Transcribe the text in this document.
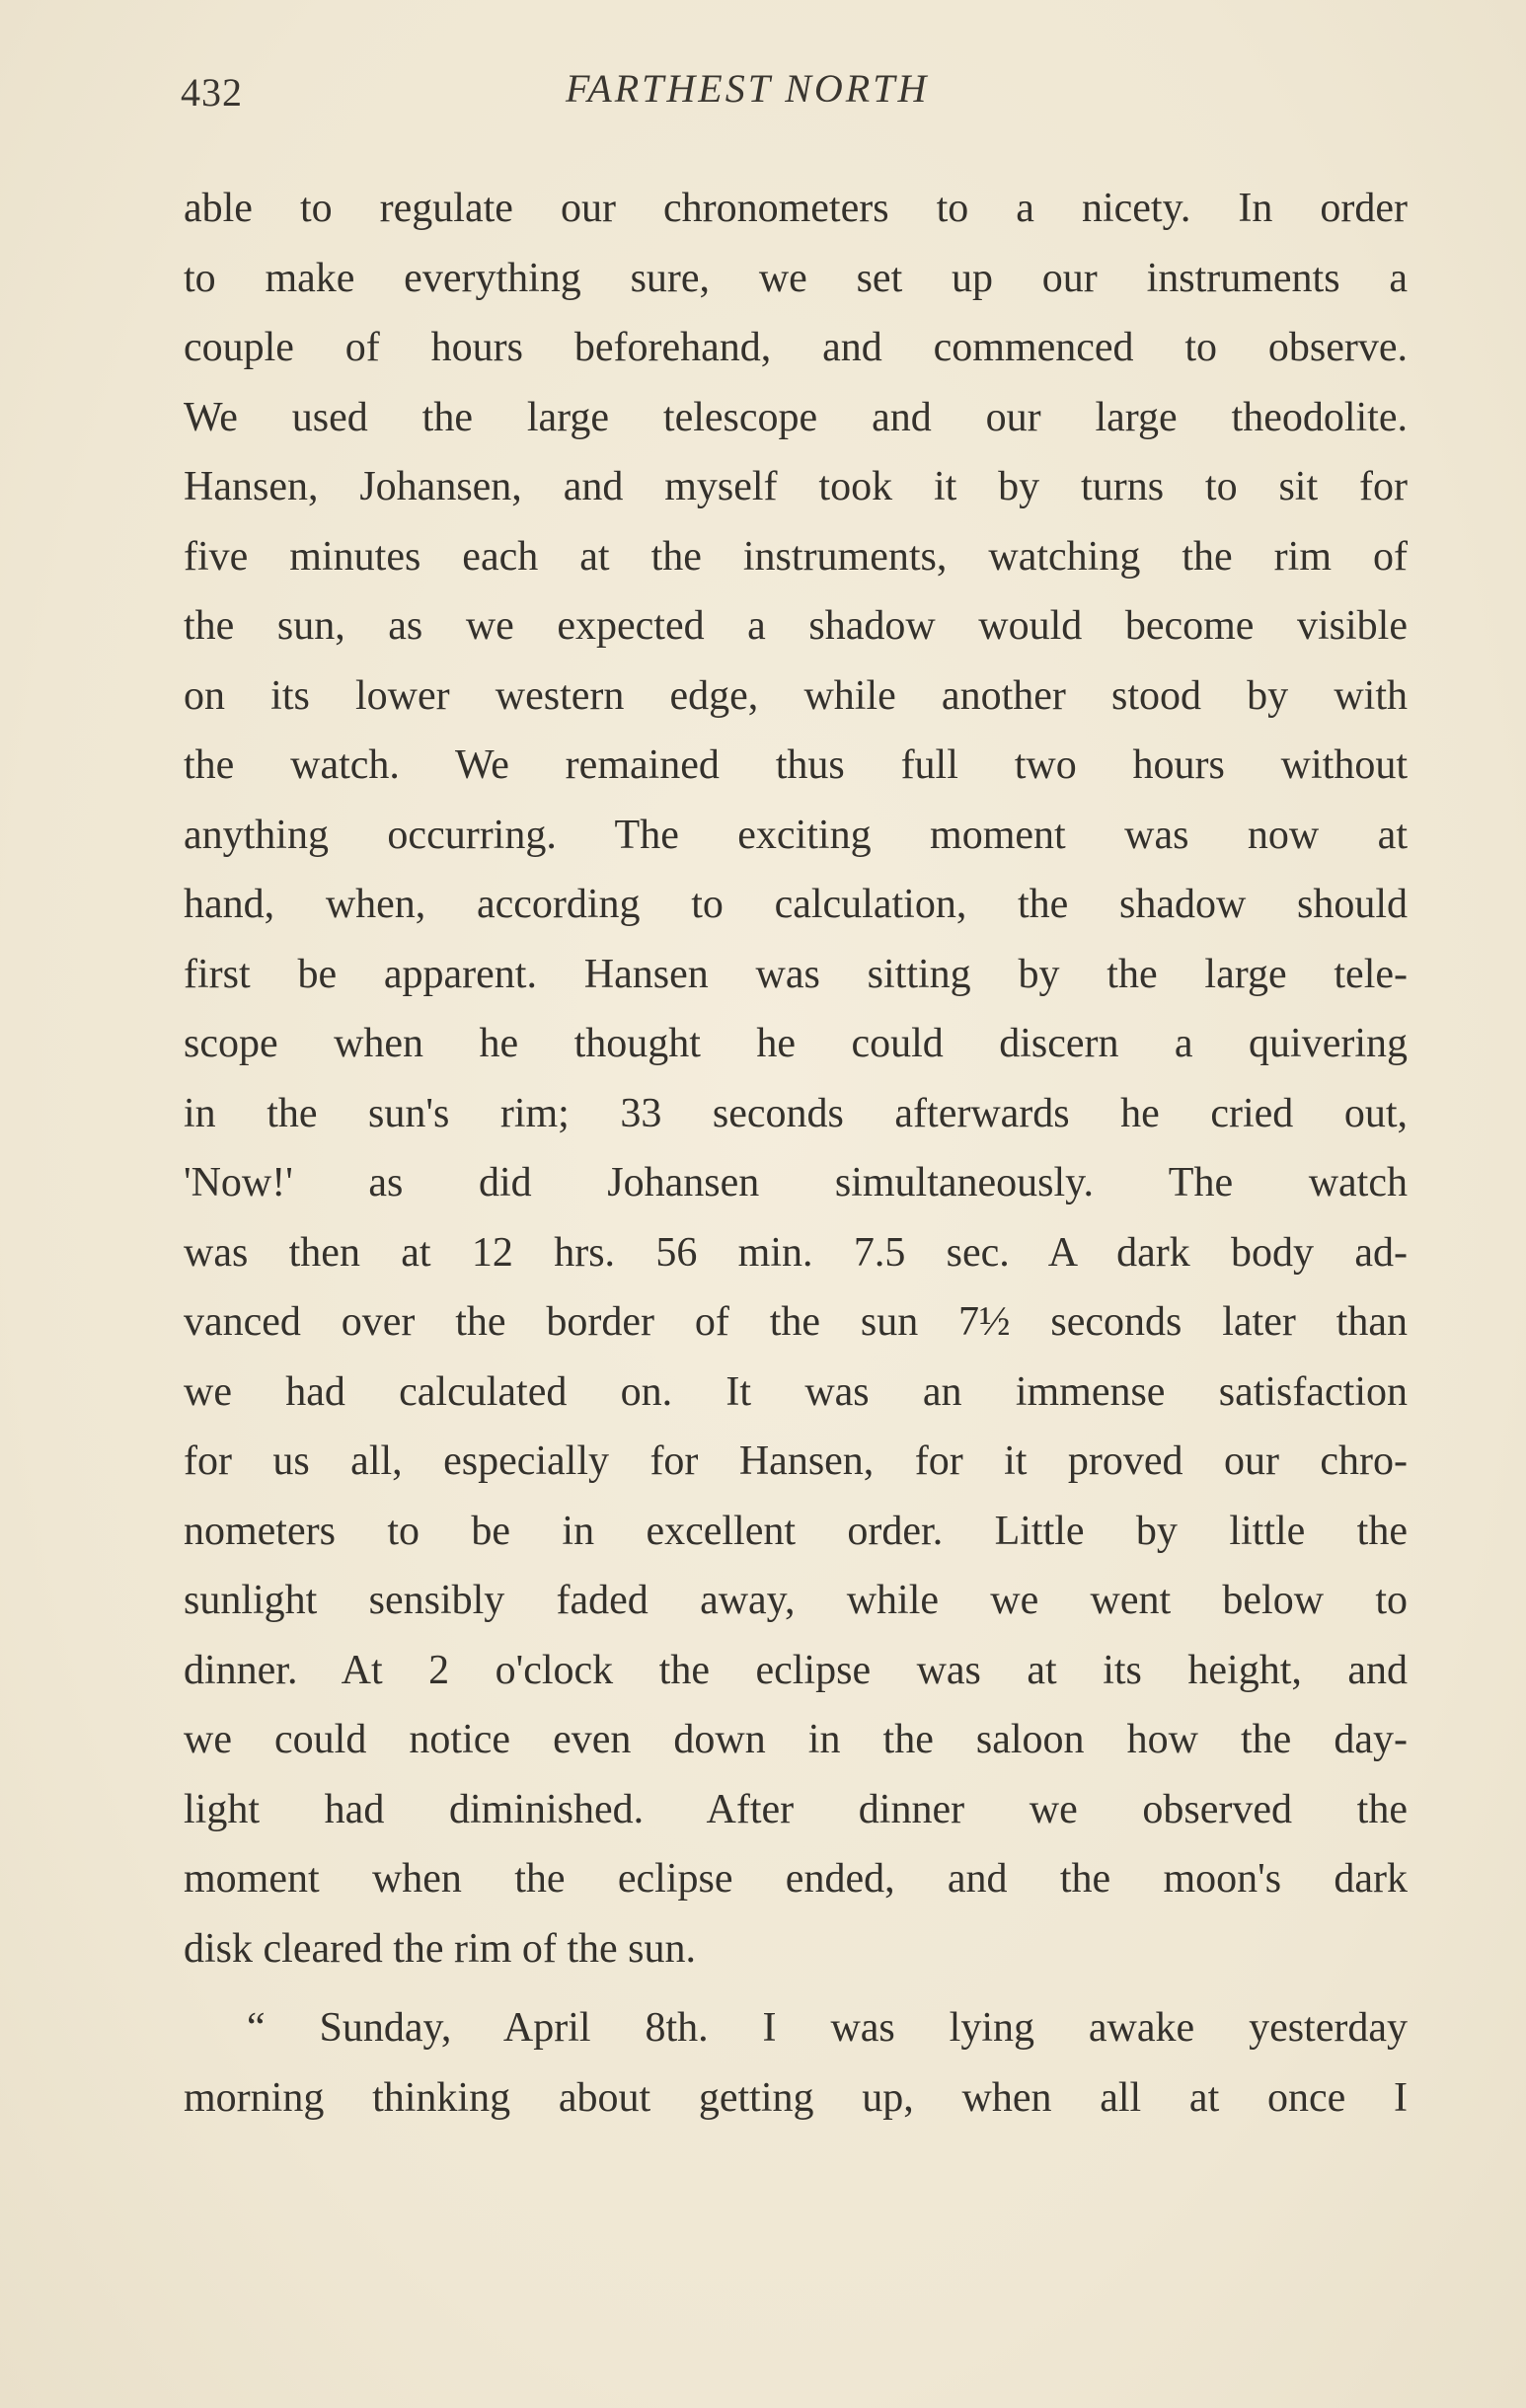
432	FARTHEST NORTH
able to regulate our chronometers to a nicety. In order
to make everything sure, we set up our instruments a
couple of hours beforehand, and commenced to observe.
We used the large telescope and our large theodolite.
Hansen, Johansen, and myself took it by turns to sit for
five minutes each at the instruments, watching the rim of
the sun, as we expected a shadow would become visible
on its lower western edge, while another stood by with
the watch. We remained thus full two hours without
anything occurring. The exciting moment was now at
hand, when, according to calculation, the shadow should
first be apparent. Hansen was sitting by the large tele-
scope when he thought he could discern a quivering
in the sun's rim; 33 seconds afterwards he cried out,
'Now!' as did Johansen simultaneously. The watch
was then at 12 hrs. 56 min. 7.5 sec. A dark body ad-
vanced over the border of the sun 7½ seconds later than
we had calculated on. It was an immense satisfaction
for us all, especially for Hansen, for it proved our chro-
nometers to be in excellent order. Little by little the
sunlight sensibly faded away, while we went below to
dinner. At 2 o'clock the eclipse was at its height, and
we could notice even down in the saloon how the day-
light had diminished. After dinner we observed the
moment when the eclipse ended, and the moon's dark
disk cleared the rim of the sun.
“ Sunday, April 8th. I was lying awake yesterday
morning thinking about getting up, when all at once I
